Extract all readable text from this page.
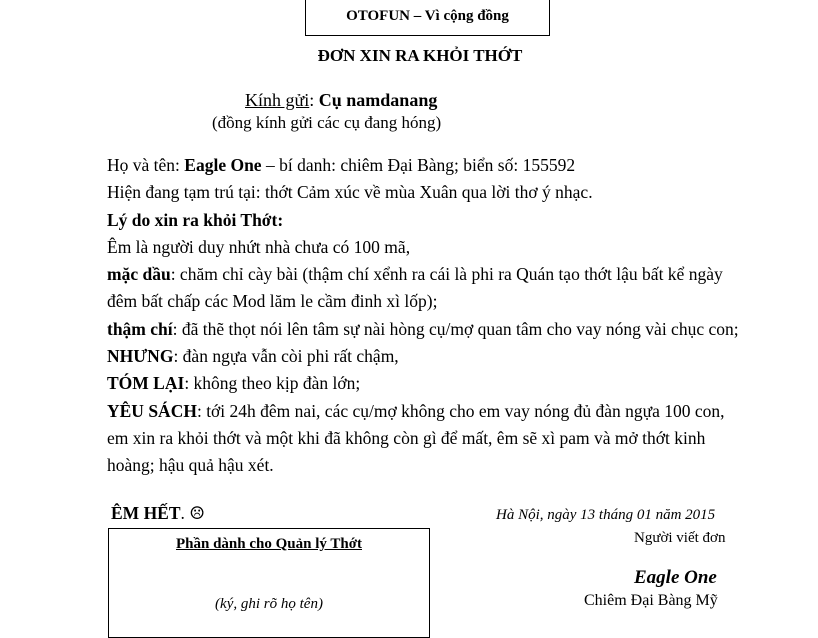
OTOFUN – Vì cộng đồng
ĐƠN XIN RA KHỎI THỚT
Kính gửi: Cụ namdanang
(đồng kính gửi các cụ đang hóng)

Họ và tên: Eagle One – bí danh: chiêm Đại Bàng; biển số: 155592

Hiện đang tạm trú tại: thớt Cảm xúc về mùa Xuân qua lời thơ ý nhạc.

Lý do xin ra khỏi Thớt:

Êm là người duy nhứt nhà chưa có 100 mã,

mặc dầu: chăm chỉ cày bài (thậm chí xểnh ra cái là phi ra Quán tạo thớt lậu bất kể ngày đêm bất chấp các Mod lăm le cầm đinh xì lốp);

thậm chí: đã thẽ thọt nói lên tâm sự nài hòng cụ/mợ quan tâm cho vay nóng vài chục con;

NHƯNG: đàn ngựa vẫn còi phi rất chậm,

TÓM LẠI: không theo kịp đàn lớn;

YÊU SÁCH: tới 24h đêm nai, các cụ/mợ không cho em vay nóng đủ đàn ngựa 100 con, em xin ra khỏi thớt và một khi đã không còn gì để mất, êm sẽ xì pam và mở thớt kinh hoàng; hậu quả hậu xét.

ÊM HẾT. ☹	Hà Nội, ngày 13 tháng 01 năm 2015
Người viết đơn
Eagle One
Chiêm Đại Bàng Mỹ
Phần dành cho Quản lý Thớt
(ký, ghi rõ họ tên)
